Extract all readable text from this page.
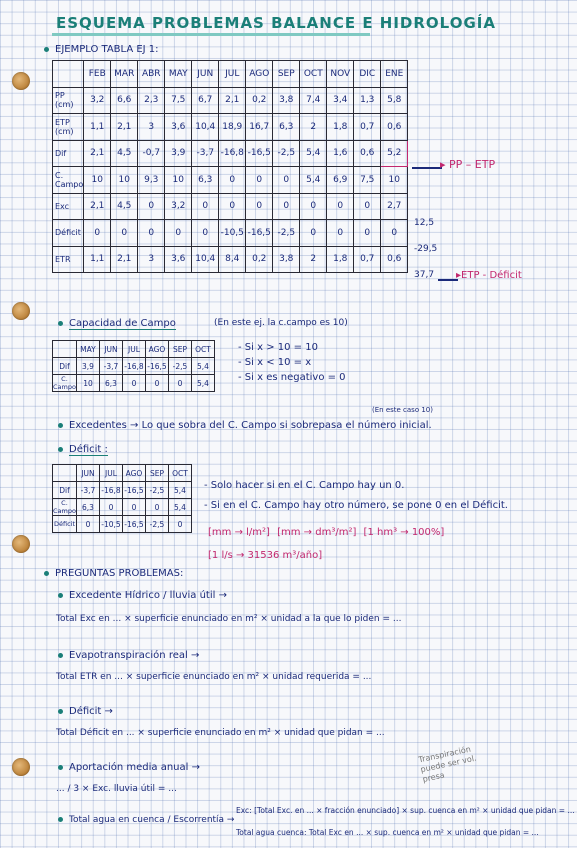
ESQUEMA PROBLEMAS BALANCE E HIDROLOGÍA
EJEMPLO TABLA EJ 1:
	FEB	MAR	ABR	MAY	JUN	JUL	AGO	SEP	OCT	NOV	DIC	ENE
PP (cm)	3,2	6,6	2,3	7,5	6,7	2,1	0,2	3,8	7,4	3,4	1,3	5,8
ETP (cm)	1,1	2,1	3	3,6	10,4	18,9	16,7	6,3	2	1,8	0,7	0,6
Dif	2,1	4,5	-0,7	3,9	-3,7	-16,8	-16,5	-2,5	5,4	1,6	0,6	5,2
C. Campo	10	10	9,3	10	6,3	0	0	0	5,4	6,9	7,5	10
Exc	2,1	4,5	0	3,2	0	0	0	0	0	0	0	2,7
Déficit	0	0	0	0	0	-10,5	-16,5	-2,5	0	0	0	0
ETR	1,1	2,1	3	3,6	10,4	8,4	0,2	3,8	2	1,8	0,7	0,6
12,5
-29,5
37,7
▸ PP – ETP
▸ETP - Déficit
Capacidad de Campo	(En este ej. la c.campo es 10)
	MAY	JUN	JUL	AGO	SEP	OCT
Dif	3,9	-3,7	-16,8	-16,5	-2,5	5,4
C. Campo	10	6,3	0	0	0	5,4
- Si x > 10 = 10
- Si x < 10 = x
- Si x es negativo = 0
(En este caso 10)
Excedentes → Lo que sobra del C. Campo si sobrepasa el número inicial.
Déficit :
	JUN	JUL	AGO	SEP	OCT
Dif	-3,7	-16,8	-16,5	-2,5	5,4
C. Campo	6,3	0	0	0	5,4
Déficit	0	-10,5	-16,5	-2,5	0
- Solo hacer si en el C. Campo hay un 0.
- Si en el C. Campo hay otro número, se pone 0 en el Déficit.
[mm → l/m²] [mm → dm³/m²] [1 hm³ → 100%]
[1 l/s → 31536 m³/año]
PREGUNTAS PROBLEMAS:
Excedente Hídrico / lluvia útil →
Total Exc en ... × superficie enunciado en m² × unidad a la que lo piden = ...
Evapotranspiración real →
Total ETR en ... × superficie enunciado en m² × unidad requerida = ...
Déficit →
Total Déficit en ... × superficie enunciado en m² × unidad que pidan = ...
Aportación media anual →
... / 3 × Exc. lluvia útil = ...
Transpiración puede ser vol. presa
Total agua en cuenca / Escorrentía →
Exc: [Total Exc. en ... × fracción enunciado] × sup. cuenca en m² × unidad que pidan = ...
Total agua cuenca: Total Exc en ... × sup. cuenca en m² × unidad que pidan = ...
